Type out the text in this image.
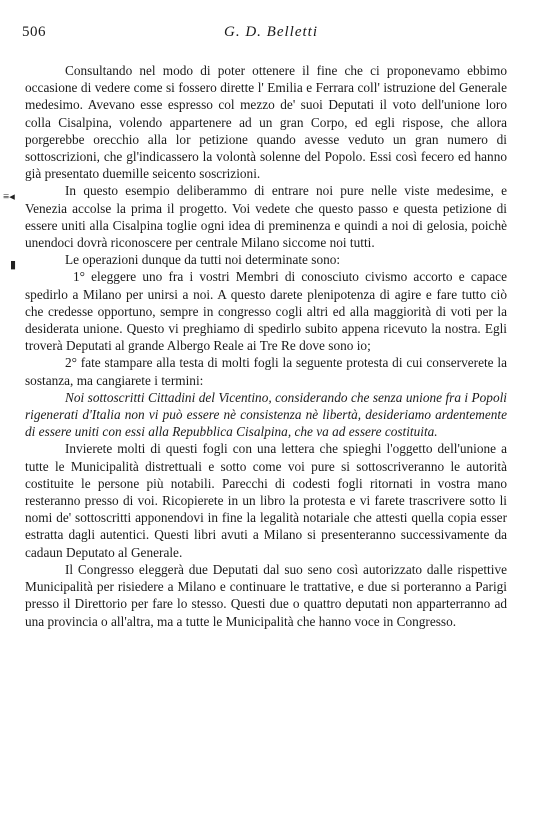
506	G. D. Belletti
≡◂
▮

Consultando nel modo di poter ottenere il fine che ci proponevamo ebbimo occasione di vedere come si fossero dirette l' Emilia e Ferrara coll' istruzione del Generale medesimo. Avevano esse espresso col mezzo de' suoi Deputati il voto dell'unione loro colla Cisalpina, volendo appartenere ad un gran Corpo, ed egli rispose, che allora porgerebbe orecchio alla lor petizione quando avesse veduto un gran numero di sottoscrizioni, che gl'indicassero la volontà solenne del Popolo. Essi così fecero ed hanno già presentato duemille seicento soscrizioni.

In questo esempio deliberammo di entrare noi pure nelle viste medesime, e Venezia accolse la prima il progetto. Voi vedete che questo passo e questa petizione di essere uniti alla Cisalpina toglie ogni idea di preminenza e quindi a noi di gelosia, poichè unendoci dovrà riconoscere per centrale Milano siccome noi tutti.

Le operazioni dunque da tutti noi determinate sono:

1° eleggere uno fra i vostri Membri di conosciuto civismo accorto e capace spedirlo a Milano per unirsi a noi. A questo darete plenipotenza di agire e fare tutto ciò che credesse opportuno, sempre in congresso cogli altri ed alla maggiorità di voti per la desiderata unione. Questo vi preghiamo di spedirlo subito appena ricevuto la nostra. Egli troverà Deputati al grande Albergo Reale ai Tre Re dove sono io;

2° fate stampare alla testa di molti fogli la seguente protesta di cui conserverete la sostanza, ma cangiarete i termini:

Noi sottoscritti Cittadini del Vicentino, considerando che senza unione fra i Popoli rigenerati d'Italia non vi può essere nè consistenza nè libertà, desideriamo ardentemente di essere uniti con essi alla Repubblica Cisalpina, che va ad essere costituita.

Invierete molti di questi fogli con una lettera che spieghi l'oggetto dell'unione a tutte le Municipalità distrettuali e sotto come voi pure si sottoscriveranno le autorità costituite le persone più notabili. Parecchi di codesti fogli ritornati in vostra mano resteranno presso di voi. Ricopierete in un libro la protesta e vi farete trascrivere sotto li nomi de' sottoscritti apponendovi in fine la legalità notariale che attesti quella copia esser estratta dagli autentici. Questi libri avuti a Milano si presenteranno successivamente da cadaun Deputato al Generale.

Il Congresso eleggerà due Deputati dal suo seno così autorizzato dalle rispettive Municipalità per risiedere a Milano e continuare le trattative, e due si porteranno a Parigi presso il Direttorio per fare lo stesso. Questi due o quattro deputati non apparterranno ad una provincia o all'altra, ma a tutte le Municipalità che hanno voce in Congresso.
